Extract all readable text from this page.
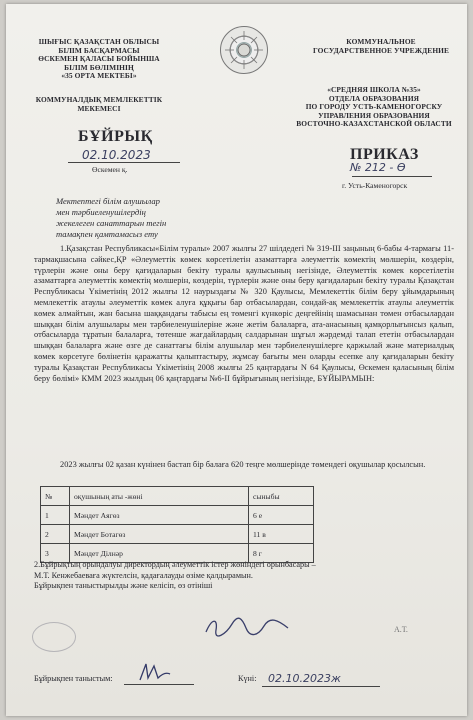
ШЫҒЫС ҚАЗАҚСТАН ОБЛЫСЫ
БІЛІМ БАСҚАРМАСЫ
ӨСКЕМЕН ҚАЛАСЫ БОЙЫНША
БІЛІМ БӨЛІМІНІҢ
«35 ОРТА МЕКТЕБІ»
КОММУНАЛДЫҚ МЕМЛЕКЕТТІК
МЕКЕМЕСІ
КОММУНАЛЬНОЕ
ГОСУДАРСТВЕННОЕ УЧРЕЖДЕНИЕ
«СРЕДНЯЯ ШКОЛА №35»
ОТДЕЛА ОБРАЗОВАНИЯ
ПО ГОРОДУ УСТЬ-КАМЕНОГОРСКУ
УПРАВЛЕНИЯ ОБРАЗОВАНИЯ
ВОСТОЧНО-КАЗАХСТАНСКОЙ ОБЛАСТИ
БҰЙРЫҚ
02.10.2023
Өскемен қ.
ПРИКАЗ
№ 212 - Ө
г. Усть-Каменогорск
Мектептегі білім алушылар
мен тәрбиеленушілердің
жекелеген санаттарын тегін
тамақпен қамтамасыз ету
1.Қазақстан Республикасы«Білім туралы» 2007 жылғы 27 шілдедегі № 319-ІІІ заңының 6-бабы 4-тармағы 11-тармақшасына сәйкес,ҚР «Әлеуметтік көмек көрсетілетін азаматтарға әлеуметтік көмектің мөлшерін, көздерін, түрлерін және оны беру қағидаларын бекіту туралы қаулысының негізінде, Әлеуметтік көмек көрсетілетін азаматтарға әлеуметтік көмектің мөлшерін, көздерін, түрлерін және оны беру қағидаларын бекіту туралы Қазақстан Республикасы Үкіметінің 2012 жылғы 12 наурыздағы № 320 Қаулысы, Мемлекеттік білім беру ұйымдарының мемлекеттік атаулы әлеуметтік көмек алуға құқығы бар отбасылардан, сондай-ақ мемлекеттік атаулы әлеуметтік көмек алмайтын, жан басына шаққандағы табысы ең төменгі күнкөріс деңгейінің шамасынан төмен отбасылардан шыққан білім алушылары мен тәрбиеленушілеріне және жетім балаларға, ата-анасының қамқорлығынсыз қалып, отбасыларда тұратын балаларға, төтенше жағдайлардың салдарынан шұғыл жәрдемді талап ететін отбасылардан шыққан балаларға және өзге де санаттағы білім алушылар мен тәрбиеленушілерге қаржылай және материалдық көмек көрсетуге бөлінетін қаражатты қалыптастыру, жұмсау бағыты мен оларды есепке алу қағидаларын бекіту туралы Қазақстан Республикасы Үкіметінің 2008 жылғы 25 қаңтардағы N 64 Қаулысы, Өскемен қаласының білім беру бөлімі» КММ 2023 жылдың 06 қаңтардағы №6-ІІ бұйрығының негізінде, БҰЙЫРАМЫН:
2023 жылғы 02 қазан күнінен бастап бір балаға 620 теңге мөлшерінде төмендегі оқушылар қосылсын.
№	оқушының аты -жөні	сыныбы
1	Мәндет Аягөз	6 е
2	Мәндет Ботагөз	11 в
3	Мәндет Ділнәр	8 г
2.Бұйрықтың орындалуы директордың әлеуметтік істер жөніндегі орынбасары –
М.Т. Кенжебаеваға жүктелсін, қадағалауды өзіме қалдырамын.
Бұйрықпен таныстырылды және келісіп, өз отініші
А.Т.
Бұйрықпен таныстым:	Күні: 02.10.2023ж
